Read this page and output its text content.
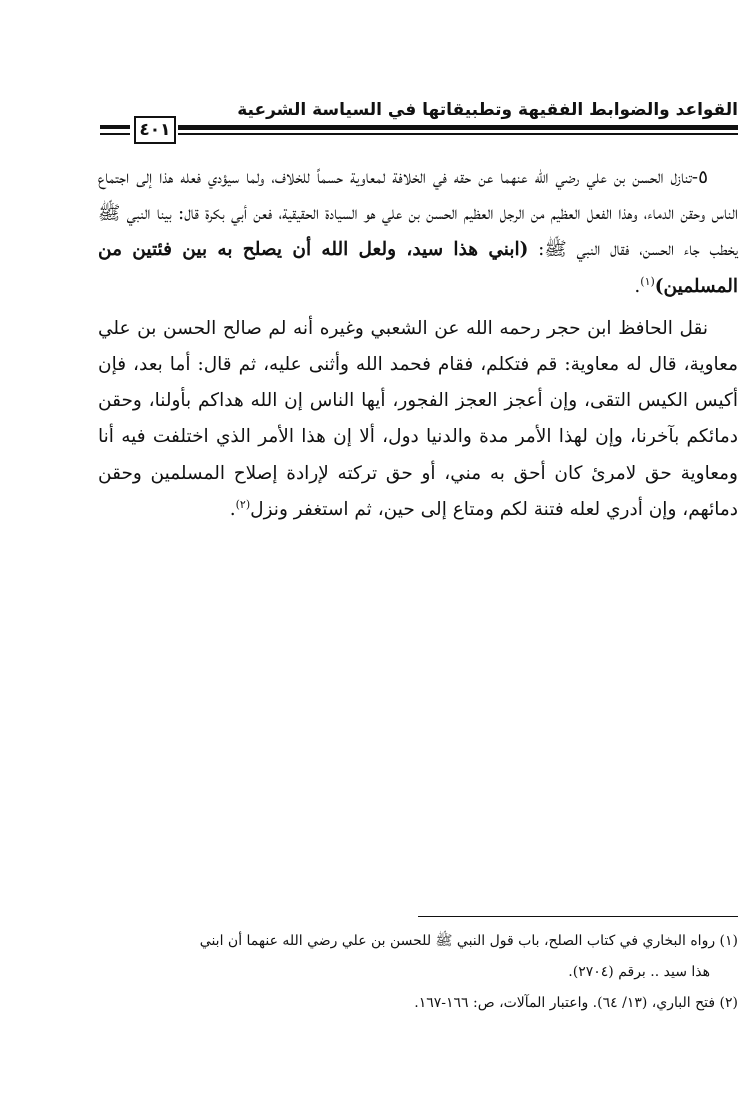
٤٠١
القواعد والضوابط الفقيهة وتطبيقاتها في السياسة الشرعية

٥-تنازل الحسن بن علي رضي الله عنهما عن حقه في الخلافة لمعاوية حسماً للخلاف، ولما سيؤدي فعله هذا إلى اجتماع الناس وحقن الدماء، وهذا الفعل العظيم من الرجل العظيم الحسن بن علي هو السيادة الحقيقية، فعن أبي بكرة قال: بينا النبي ﷺ يخطب جاء الحسن، فقال النبي ﷺ: (ابني هذا سيد، ولعل الله أن يصلح به بين فئتين من المسلمين)$^{(١)}$.

نقل الحافظ ابن حجر رحمه الله عن الشعبي وغيره أنه لم صالح الحسن بن علي معاوية، قال له معاوية: قم فتكلم، فقام فحمد الله وأثنى عليه، ثم قال: أما بعد، فإن أكيس الكيس التقى، وإن أعجز العجز الفجور، أيها الناس إن الله هداكم بأولنا، وحقن دمائكم بآخرنا، وإن لهذا الأمر مدة والدنيا دول، ألا إن هذا الأمر الذي اختلفت فيه أنا ومعاوية حق لامرئ كان أحق به مني، أو حق تركته لإرادة إصلاح المسلمين وحقن دمائهم، وإن أدري لعله فتنة لكم ومتاع إلى حين، ثم استغفر ونزل$^{(٢)}$.

(١) رواه البخاري في كتاب الصلح، باب قول النبي ﷺ للحسن بن علي رضي الله عنهما أن ابني

هذا سيد .. برقم (٢٧٠٤).

(٢) فتح الباري، (١٣/ ٦٤). واعتبار المآلات، ص: ١٦٦-١٦٧.
